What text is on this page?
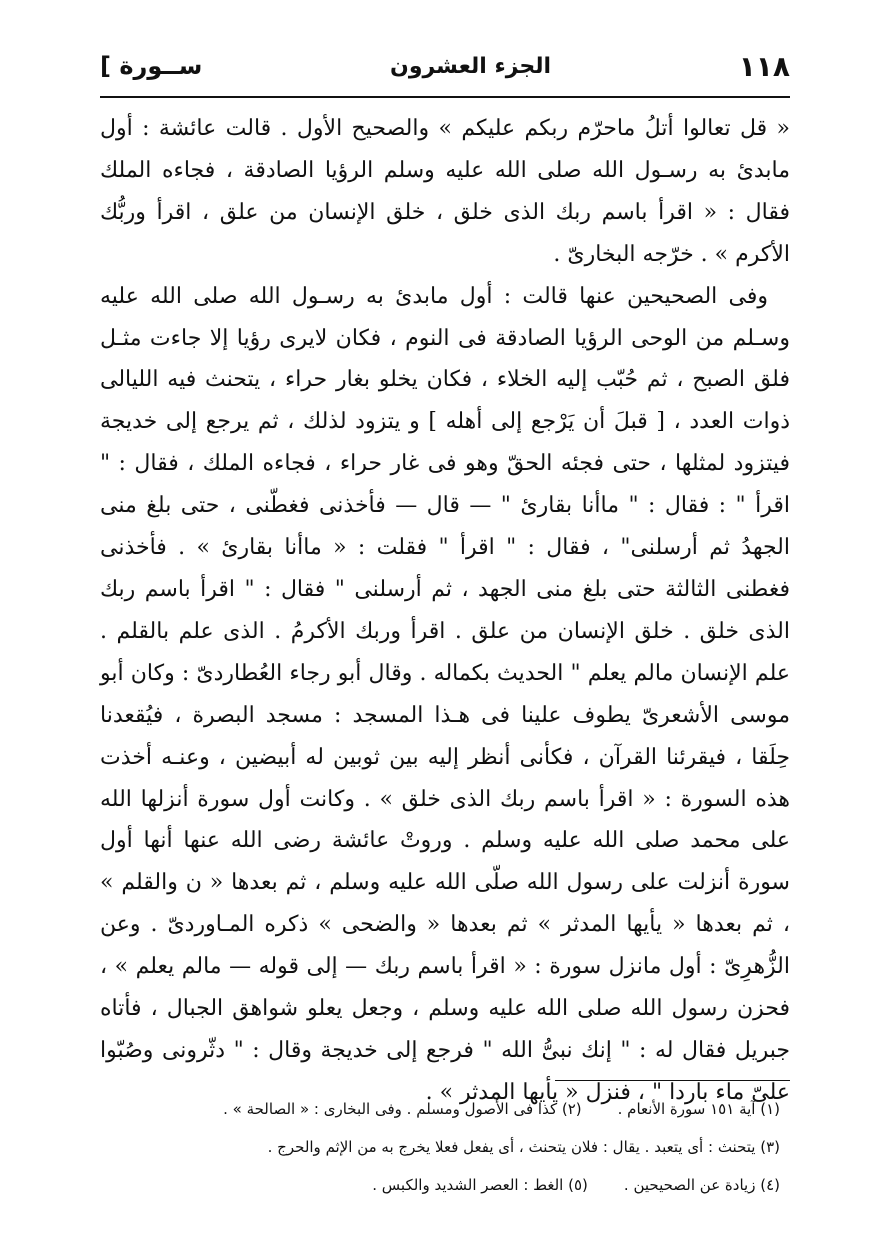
[ ســورة	الجزء العشرون	١١٨

« قل تعالوا أتلُ ماحرّم ربكم عليكم » والصحيح الأول . قالت عائشة : أول مابدئ به رسـول الله صلى الله عليه وسلم الرؤيا الصادقة ، فجاءه الملك فقال : « اقرأ باسم ربك الذى خلق ، خلق الإنسان من علق ، اقرأ وربُّك الأكرم » . خرّجه البخارىّ .

وفى الصحيحين عنها قالت : أول مابدئ به رسـول الله صلى الله عليه وسـلم من الوحى الرؤيا الصادقة فى النوم ، فكان لايرى رؤيا إلا جاءت مثـل فلق الصبح ، ثم حُبّب إليه الخلاء ، فكان يخلو بغار حراء ، يتحنث فيه الليالى ذوات العدد ، [ قبلَ أن يَرْجع إلى أهله ] و يتزود لذلك ، ثم يرجع إلى خديجة فيتزود لمثلها ، حتى فجئه الحقّ وهو فى غار حراء ، فجاءه الملك ، فقال : " اقرأ " : فقال : " ماأنا بقارئ " — قال — فأخذنى فغطّنى ، حتى بلغ منى الجهدُ ثم أرسلنى" ، فقال : " اقرأ " فقلت : « ماأنا بقارئ » . فأخذنى فغطنى الثالثة حتى بلغ منى الجهد ، ثم أرسلنى " فقال : " اقرأ باسم ربك الذى خلق . خلق الإنسان من علق . اقرأ وربك الأكرمُ . الذى علم بالقلم . علم الإنسان مالم يعلم " الحديث بكماله . وقال أبو رجاء العُطاردىّ : وكان أبو موسى الأشعرىّ يطوف علينا فى هـذا المسجد : مسجد البصرة ، فيُقعدنا حِلَقا ، فيقرئنا القرآن ، فكأنى أنظر إليه بين ثوبين له أبيضين ، وعنـه أخذت هذه السورة : « اقرأ باسم ربك الذى خلق » . وكانت أول سورة أنزلها الله على محمد صلى الله عليه وسلم . وروتْ عائشة رضى الله عنها أنها أول سورة أنزلت على رسول الله صلّى الله عليه وسلم ، ثم بعدها « ن والقلم » ، ثم بعدها « يأيها المدثر » ثم بعدها « والضحى » ذكره المـاوردىّ . وعن الزُّهرِىّ : أول مانزل سورة : « اقرأ باسم ربك — إلى قوله — مالم يعلم » ، فحزن رسول الله صلى الله عليه وسلم ، وجعل يعلو شواهق الجبال ، فأتاه جبريل فقال له : " إنك نبىُّ الله " فرجع إلى خديجة وقال : " دثّرونى وصُبّوا علىّ ماء باردا " ، فنزل « يأيها المدثر » .

(١) آية ١٥١ سورة الأنعام .
(٢) كذا فى الأصول ومسلم . وفى البخارى : « الصالحة » .
(٣) يتحنث : أى يتعبد . يقال : فلان يتحنث ، أى يفعل فعلا يخرج به من الإثم والحرج .
(٤) زيادة عن الصحيحين .
(٥) الغط : العصر الشديد والكبس .
